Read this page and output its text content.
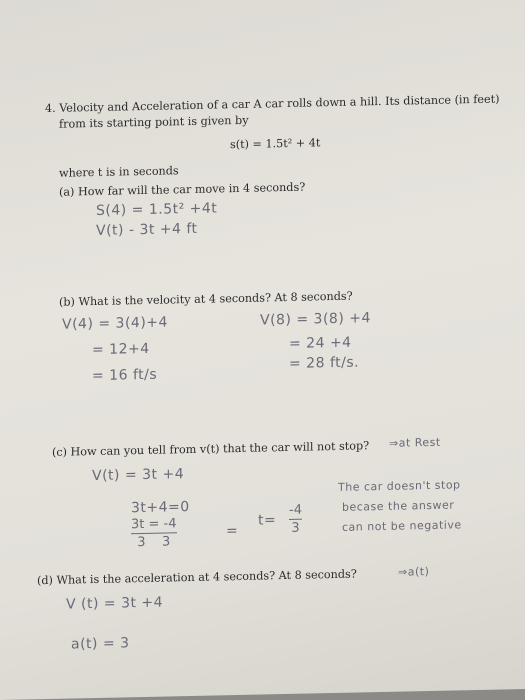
4. Velocity and Acceleration of a car A car rolls down a hill. Its distance (in feet)
from its starting point is given by
s(t) = 1.5t² + 4t
where t is in seconds
(a) How far will the car move in 4 seconds?
S(4) = 1.5t² +4t
V(t) - 3t +4 ft
(b) What is the velocity at 4 seconds? At 8 seconds?
V(4) = 3(4)+4
= 12+4
= 16 ft/s
V(8) = 3(8) +4
= 24 +4
= 28 ft/s.
(c) How can you tell from v(t) that the car will not stop? ⇒at Rest
V(t) = 3t +4
3t+4=0
3t = -4
3 3
=
t=
-4
3
The car doesn't stop
becase the answer
can not be negative
(d) What is the acceleration at 4 seconds? At 8 seconds?	⇒a(t)
V (t) = 3t +4
a(t) = 3
